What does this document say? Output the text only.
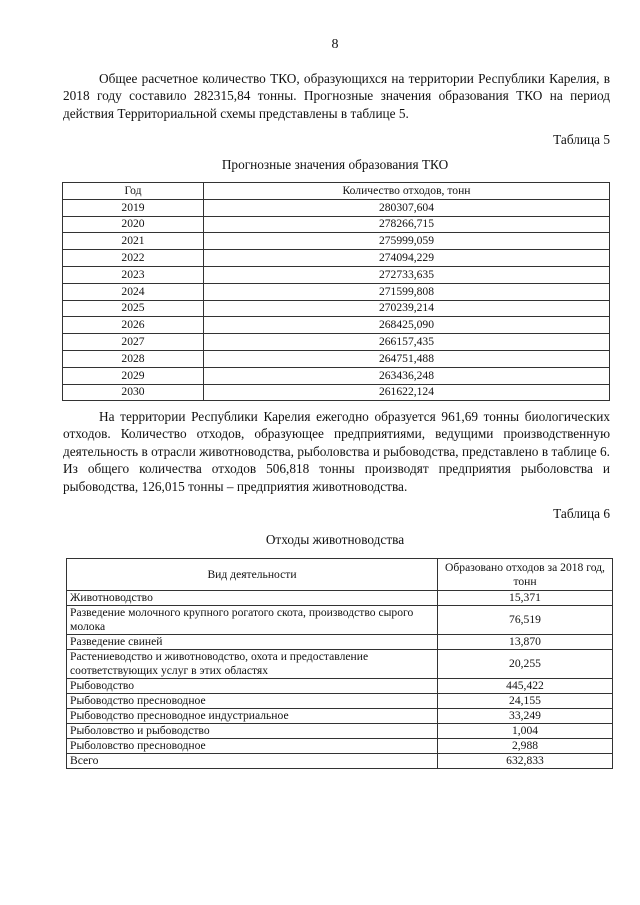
8

Общее расчетное количество ТКО, образующихся на территории Республики Карелия, в 2018 году составило 282315,84 тонны. Прогнозные значения образования ТКО на период действия Территориальной схемы представлены в таблице 5.

Таблица 5
Прогнозные значения образования ТКО
Год	Количество отходов, тонн
2019	280307,604
2020	278266,715
2021	275999,059
2022	274094,229
2023	272733,635
2024	271599,808
2025	270239,214
2026	268425,090
2027	266157,435
2028	264751,488
2029	263436,248
2030	261622,124

На территории Республики Карелия ежегодно образуется 961,69 тонны биологических отходов. Количество отходов, образующее предприятиями, ведущими производственную деятельность в отрасли животноводства, рыболовства и рыбоводства, представлено в таблице 6. Из общего количества отходов 506,818 тонны производят предприятия рыболовства и рыбоводства, 126,015 тонны – предприятия животноводства.

Таблица 6
Отходы животноводства
Вид деятельности	Образовано отходов за 2018 год, тонн
Животноводство	15,371
Разведение молочного крупного рогатого скота, производство сырого молока	76,519
Разведение свиней	13,870
Растениеводство и животноводство, охота и предоставление соответствующих услуг в этих областях	20,255
Рыбоводство	445,422
Рыбоводство пресноводное	24,155
Рыбоводство пресноводное индустриальное	33,249
Рыболовство и рыбоводство	1,004
Рыболовство пресноводное	2,988
Всего	632,833
